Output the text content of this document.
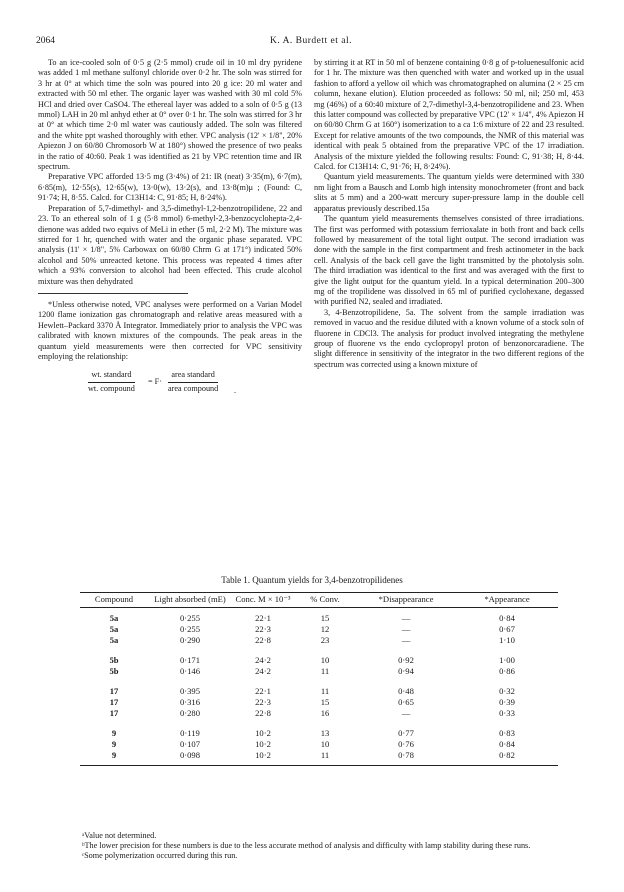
2064	K. A. Burdett et al.

To an ice-cooled soln of 0·5 g (2·5 mmol) crude oil in 10 ml dry pyridene was added 1 ml methane sulfonyl chloride over 0·2 hr. The soln was stirred for 3 hr at 0° at which time the soln was poured into 20 g ice: 20 ml water and extracted with 50 ml ether. The organic layer was washed with 30 ml cold 5% HCl and dried over CaSO4. The ethereal layer was added to a soln of 0·5 g (13 mmol) LAH in 20 ml anhyd ether at 0° over 0·1 hr. The soln was stirred for 3 hr at 0° at which time 2·0 ml water was cautiously added. The soln was filtered and the white ppt washed thoroughly with ether. VPC analysis (12' × 1/8", 20% Apiezon J on 60/80 Chromosorb W at 180°) showed the presence of two peaks in the ratio of 40:60. Peak 1 was identified as 21 by VPC retention time and IR spectrum.

Preparative VPC afforded 13·5 mg (3·4%) of 21: IR (neat) 3·35(m), 6·7(m), 6·85(m), 12·55(s), 12·65(w), 13·0(w), 13·2(s), and 13·8(m)μ ; (Found: C, 91·74; H, 8·55. Calcd. for C13H14: C, 91·85; H, 8·24%).

Preparation of 5,7-dimethyl- and 3,5-dimethyl-1,2-benzotropilidene, 22 and 23. To an ethereal soln of 1 g (5·8 mmol) 6-methyl-2,3-benzocyclohepta-2,4-dienone was added two equivs of MeLi in ether (5 ml, 2·2 M). The mixture was stirred for 1 hr, quenched with water and the organic phase separated. VPC analysis (11' × 1/8", 5% Carbowax on 60/80 Chrm G at 171°) indicated 50% alcohol and 50% unreacted ketone. This process was repeated 4 times after which a 93% conversion to alcohol had been effected. This crude alcohol mixture was then dehydrated

*Unless otherwise noted, VPC analyses were performed on a Varian Model 1200 flame ionization gas chromatograph and relative areas measured with a Hewlett–Packard 3370 Å Integrator. Immediately prior to analysis the VPC was calibrated with known mixtures of the compounds. The peak areas in the quantum yield measurements were then corrected for VPC sensitivity employing the relationship:

wt. standard
wt. compound
= F·
area standard
area compound .

by stirring it at RT in 50 ml of benzene containing 0·8 g of p-toluenesulfonic acid for 1 hr. The mixture was then quenched with water and worked up in the usual fashion to afford a yellow oil which was chromatographed on alumina (2 × 25 cm column, hexane elution). Elution proceeded as follows: 50 ml, nil; 250 ml, 453 mg (46%) of a 60:40 mixture of 2,7-dimethyl-3,4-benzotropilidene and 23. When this latter compound was collected by preparative VPC (12' × 1/4", 4% Apiezon H on 60/80 Chrm G at 160°) isomerization to a ca 1:6 mixture of 22 and 23 resulted. Except for relative amounts of the two compounds, the NMR of this material was identical with peak 5 obtained from the preparative VPC of the 17 irradiation. Analysis of the mixture yielded the following results: Found: C, 91·38; H, 8·44. Calcd. for C13H14: C, 91·76; H, 8·24%).

Quantum yield measurements. The quantum yields were determined with 330 nm light from a Bausch and Lomb high intensity monochrometer (front and back slits at 5 mm) and a 200-watt mercury super-pressure lamp in the double cell apparatus previously described.15a

The quantum yield measurements themselves consisted of three irradiations. The first was performed with potassium ferrioxalate in both front and back cells followed by measurement of the total light output. The second irradiation was done with the sample in the first compartment and fresh actinometer in the back cell. Analysis of the back cell gave the light transmitted by the photolysis soln. The third irradiation was identical to the first and was averaged with the first to give the light output for the quantum yield. In a typical determination 200–300 mg of the tropilidene was dissolved in 65 ml of purified cyclohexane, degassed with purified N2, sealed and irradiated.

3, 4-Benzotropilidene, 5a. The solvent from the sample irradiation was removed in vacuo and the residue diluted with a known volume of a stock soln of fluorene in CDCl3. The analysis for product involved integrating the methylene group of fluorene vs the endo cyclopropyl proton of benzonorcaradiene. The slight difference in sensitivity of the integrator in the two different regions of the spectrum was corrected using a known mixture of

Table 1. Quantum yields for 3,4-benzotropilidenes
Compound	Light absorbed (mE)	Conc. M × 10⁻³	% Conv.	*Disappearance	*Appearance
5a	0·255	22·1	15	—	0·84
5a	0·255	22·3	12	—	0·67
5a	0·290	22·8	23	—	1·10
5b	0·171	24·2	10	0·92	1·00
5b	0·146	24·2	11	0·94	0·86
17	0·395	22·1	11	0·48	0·32
17	0·316	22·3	15	0·65	0·39
17	0·280	22·8	16	—	0·33
9	0·119	10·2	13	0·77	0·83
9	0·107	10·2	10	0·76	0·84
9	0·098	10·2	11	0·78	0·82
ᵃValue not determined.
ᵇThe lower precision for these numbers is due to the less accurate method of analysis and difficulty with lamp stability during these runs.
ᶜSome polymerization occurred during this run.
